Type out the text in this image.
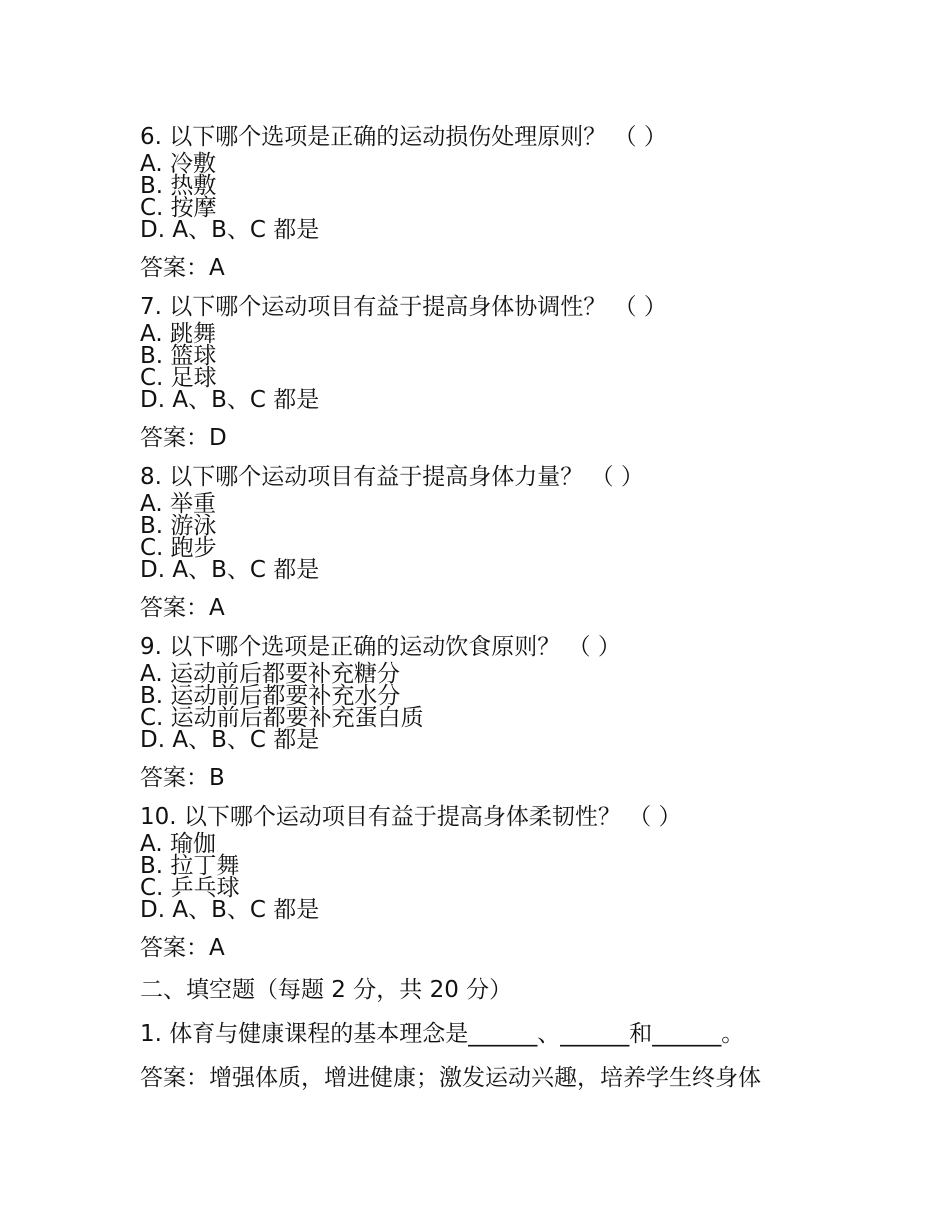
6. 以下哪个选项是正确的运动损伤处理原则？ （ ）
A. 冷敷
B. 热敷
C. 按摩
D. A、B、C 都是
答案：A
7. 以下哪个运动项目有益于提高身体协调性？ （ ）
A. 跳舞
B. 篮球
C. 足球
D. A、B、C 都是
答案：D
8. 以下哪个运动项目有益于提高身体力量？ （ ）
A. 举重
B. 游泳
C. 跑步
D. A、B、C 都是
答案：A
9. 以下哪个选项是正确的运动饮食原则？ （ ）
A. 运动前后都要补充糖分
B. 运动前后都要补充水分
C. 运动前后都要补充蛋白质
D. A、B、C 都是
答案：B
10. 以下哪个运动项目有益于提高身体柔韧性？ （ ）
A. 瑜伽
B. 拉丁舞
C. 乒乓球
D. A、B、C 都是
答案：A
二、填空题（每题 2 分，共 20 分）
1. 体育与健康课程的基本理念是______、______和______。
答案：增强体质，增进健康；激发运动兴趣，培养学生终身体
